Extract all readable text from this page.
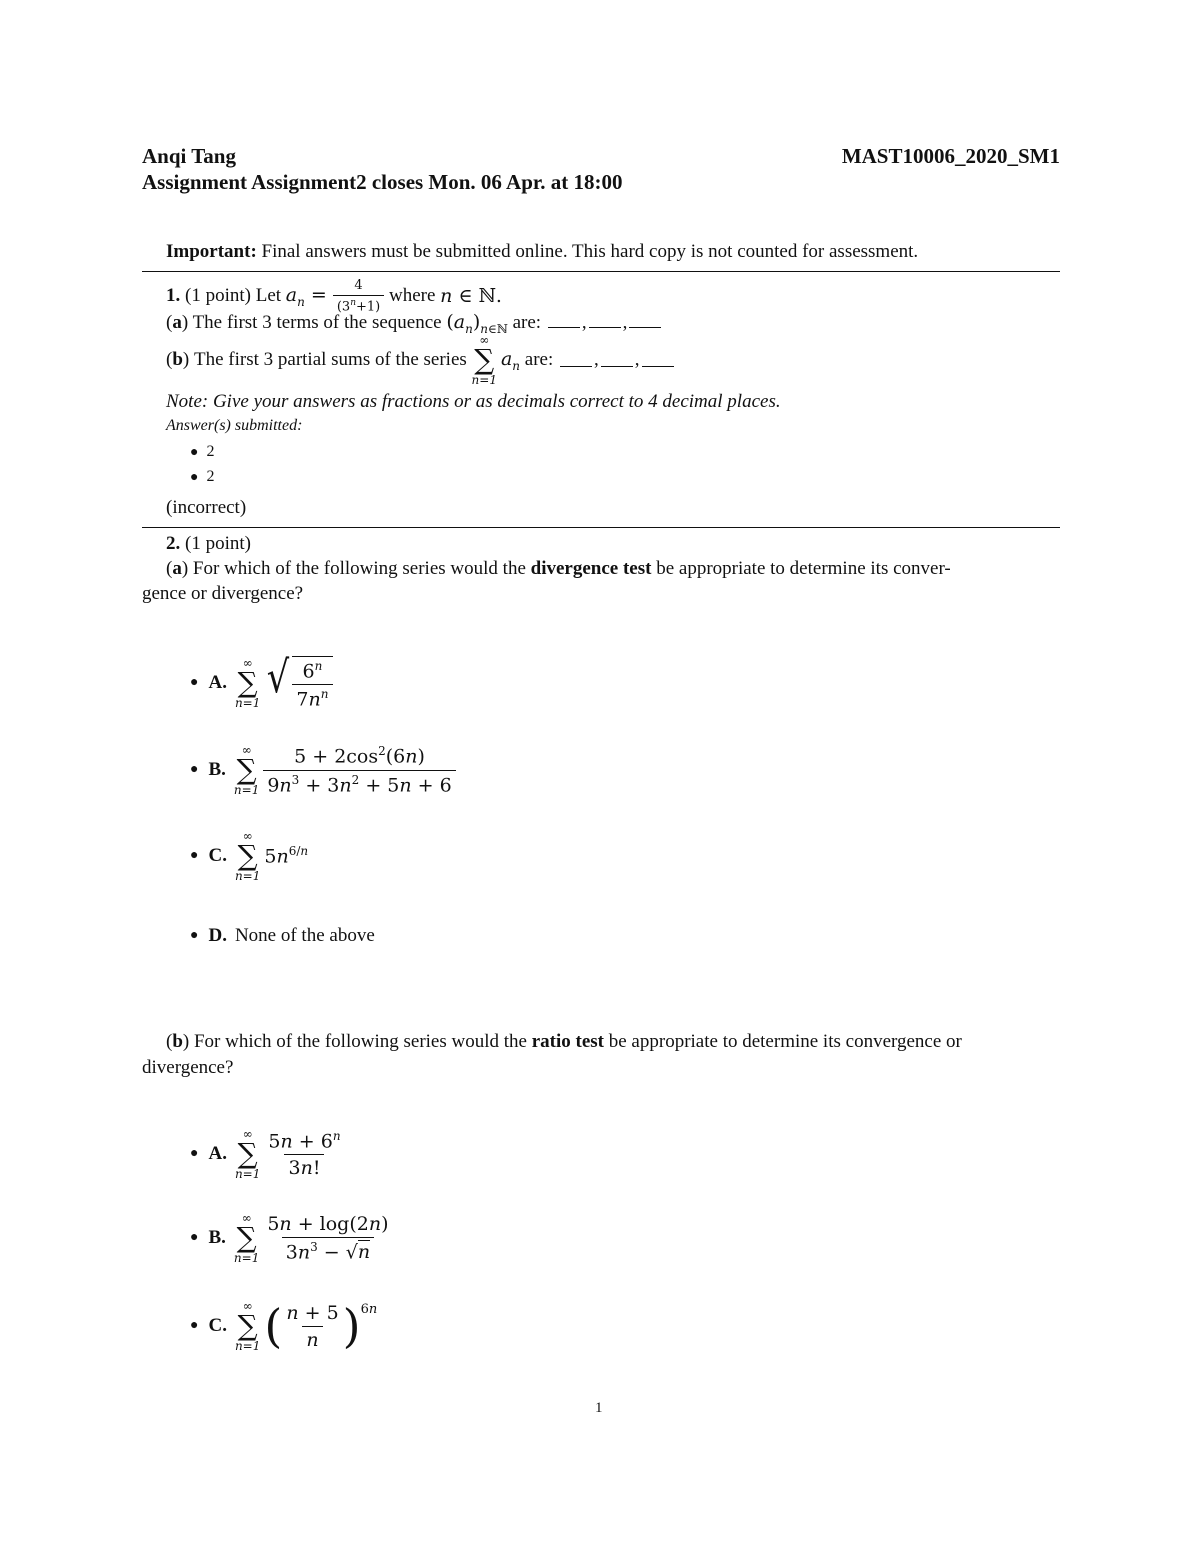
Anqi Tang	MAST10006_2020_SM1
Assignment Assignment2 closes Mon. 06 Apr. at 18:00
Important: Final answers must be submitted online. This hard copy is not counted for assessment.
1.
(1 point) Let
$a_n = \frac{4}{(3^n+1)}$
where
n ∈ ℕ.
(a) The first 3 terms of the sequence $(a_n)_{n\in ℕ}$ are: , ,
( b ) The first 3 partial sums of the series

∞
∑
n=1
$a_n$
are:
, ,
Note: Give your answers as fractions or as decimals correct to 4 decimal places.
Answer(s) submitted:
● 2
● 2
(incorrect)
2. (1 point)
(a) For which of the following series would the divergence test be appropriate to determine its conver-
gence or divergence?
● A.
∞
∑
n=1
√ $\frac{6^n}{7n^n}$
● B.
∞
∑
$n=1 \frac{5 + 2\cos^2(6n)}{9n^3 + 3n^2 + 5n + 6}$
● C.
∞
∑
n=1
$5n^{6/n}$
● D. None of the above
(b) For which of the following series would the ratio test be appropriate to determine its convergence or
divergence?
● A.
∞
∑
$n=1 \frac{5n + 6^n}{3n!}$
● B.
∞
∑
$n=1 \frac{5n + \log(2n)}{3n^3 - √n}$
● C.
∞
∑
n=1 ( $\frac{n + 5}{n}$ ) 6n
1
